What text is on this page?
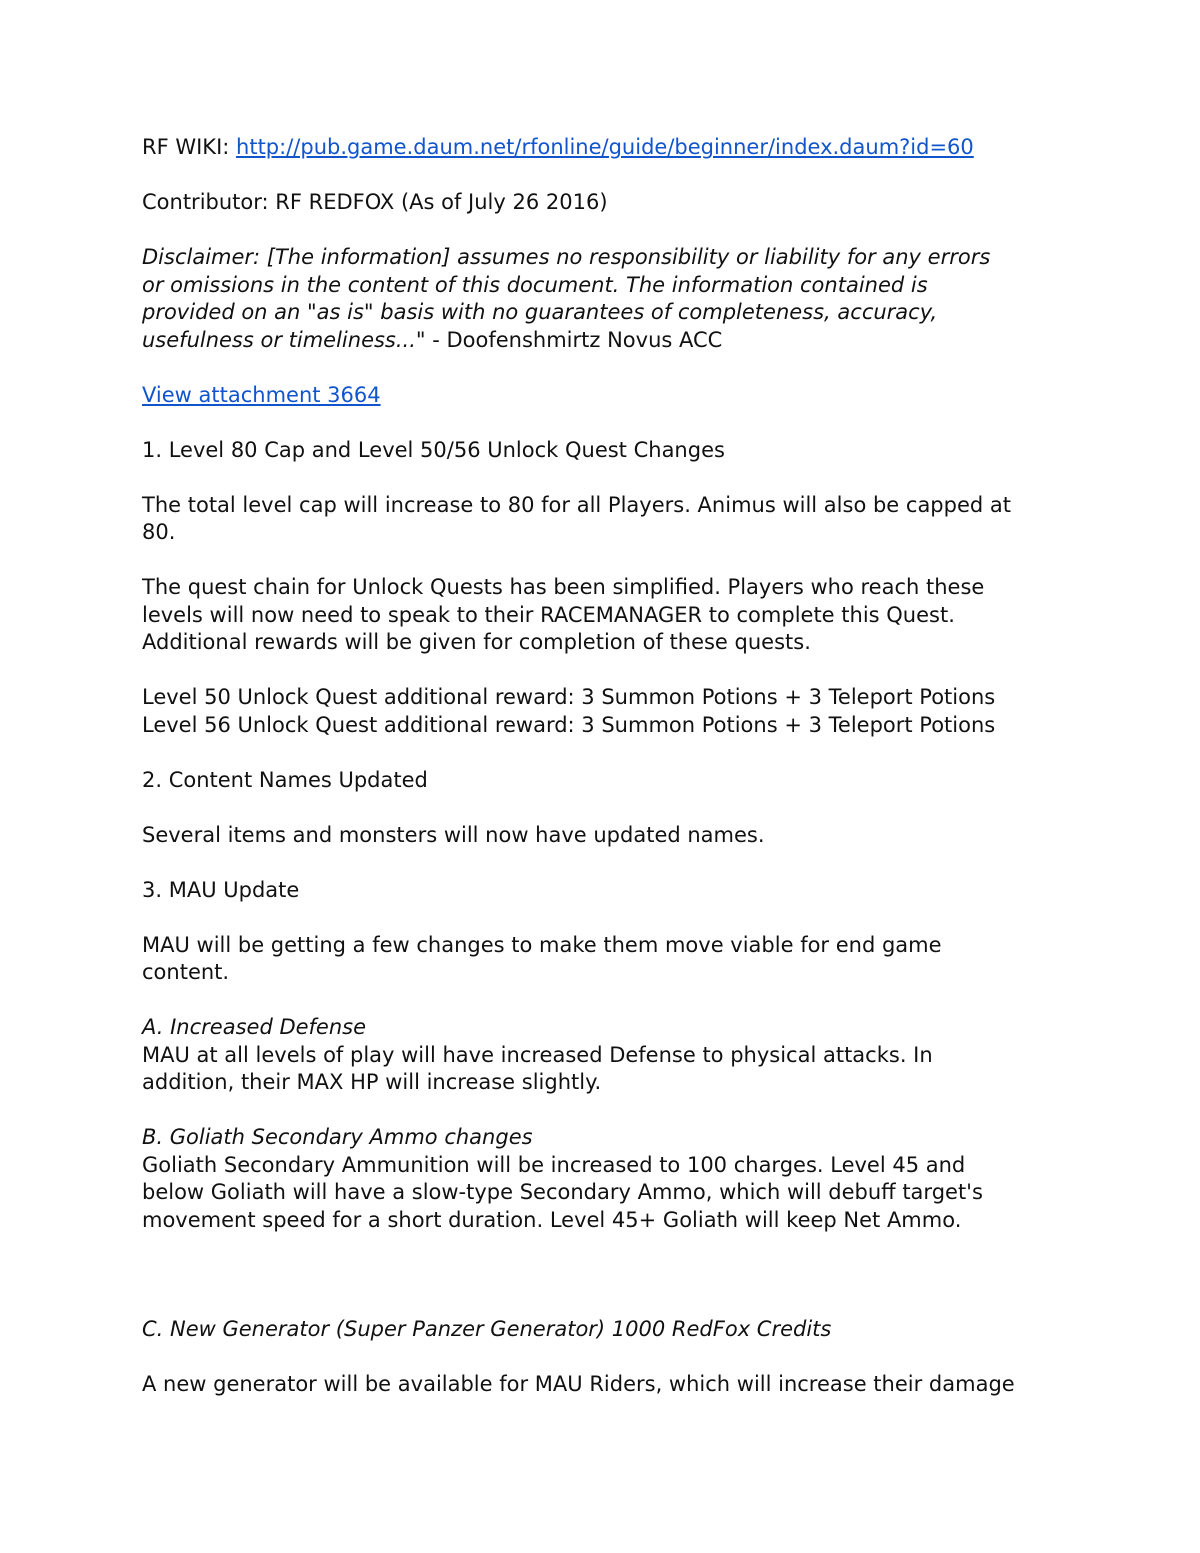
RF WIKI: http://pub.game.daum.net/rfonline/guide/beginner/index.daum?id=60

Contributor: RF REDFOX (As of July 26 2016)

Disclaimer: [The information] assumes no responsibility or liability for any errors

or omissions in the content of this document. The information contained is

provided on an "as is" basis with no guarantees of completeness, accuracy,

usefulness or timeliness..." - Doofenshmirtz Novus ACC

View attachment 3664

1. Level 80 Cap and Level 50/56 Unlock Quest Changes

The total level cap will increase to 80 for all Players. Animus will also be capped at

80.

The quest chain for Unlock Quests has been simplified. Players who reach these

levels will now need to speak to their RACEMANAGER to complete this Quest.

Additional rewards will be given for completion of these quests.

Level 50 Unlock Quest additional reward: 3 Summon Potions + 3 Teleport Potions

Level 56 Unlock Quest additional reward: 3 Summon Potions + 3 Teleport Potions

2. Content Names Updated

Several items and monsters will now have updated names.

3. MAU Update

MAU will be getting a few changes to make them move viable for end game

content.

A. Increased Defense

MAU at all levels of play will have increased Defense to physical attacks. In

addition, their MAX HP will increase slightly.

B. Goliath Secondary Ammo changes

Goliath Secondary Ammunition will be increased to 100 charges. Level 45 and

below Goliath will have a slow-type Secondary Ammo, which will debuff target's

movement speed for a short duration. Level 45+ Goliath will keep Net Ammo.

C. New Generator (Super Panzer Generator) 1000 RedFox Credits

A new generator will be available for MAU Riders, which will increase their damage
